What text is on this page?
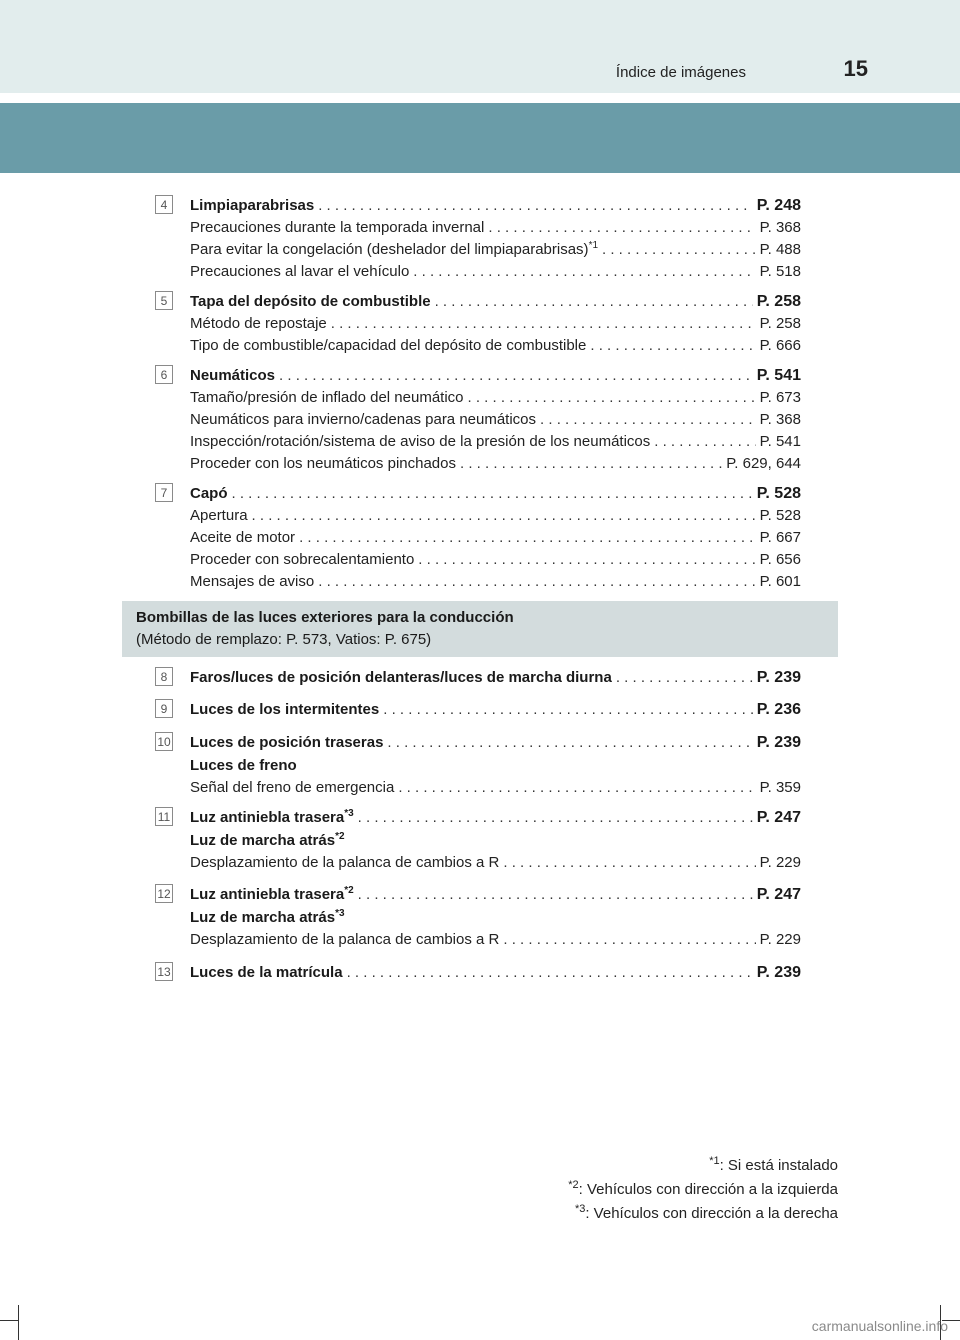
Índice de imágenes	15
4	Limpiaparabrisas . . .	P. 248
Precauciones durante la temporada invernal . . .	P. 368
Para evitar la congelación (deshelador del limpiaparabrisas)$^{*1}$ . . .	P. 488
Precauciones al lavar el vehículo . . .	P. 518
5	Tapa del depósito de combustible . . .	P. 258
Método de repostaje . . .	P. 258
Tipo de combustible/capacidad del depósito de combustible . . .	P. 666
6	Neumáticos . . .	P. 541
Tamaño/presión de inflado del neumático . . .	P. 673
Neumáticos para invierno/cadenas para neumáticos . . .	P. 368
Inspección/rotación/sistema de aviso de la presión de los neumáticos . . .	P. 541
Proceder con los neumáticos pinchados . . .	P. 629, 644
7	Capó . . .	P. 528
Apertura . . .	P. 528
Aceite de motor . . .	P. 667
Proceder con sobrecalentamiento . . .	P. 656
Mensajes de aviso . . .	P. 601
Bombillas de las luces exteriores para la conducción
(Método de remplazo: P. 573, Vatios: P. 675)
8	Faros/luces de posición delanteras/luces de marcha diurna . . .	P. 239
9	Luces de los intermitentes . . .	P. 236
10 Luces de posición traseras . . .	P. 239
Luces de freno
Señal del freno de emergencia . . .	P. 359
11 Luz antiniebla trasera$^{*3}$ . . .	P. 247
Luz de marcha atrás$^{*2}$
Desplazamiento de la palanca de cambios a R . . .	P. 229
12 Luz antiniebla trasera$^{*2}$ . . .	P. 247
Luz de marcha atrás$^{*3}$
Desplazamiento de la palanca de cambios a R . . .	P. 229
13 Luces de la matrícula . . .	P. 239
$^{*1}$: Si está instalado
$^{*2}$: Vehículos con dirección a la izquierda
$^{*3}$: Vehículos con dirección a la derecha
carmanualsonline.info
